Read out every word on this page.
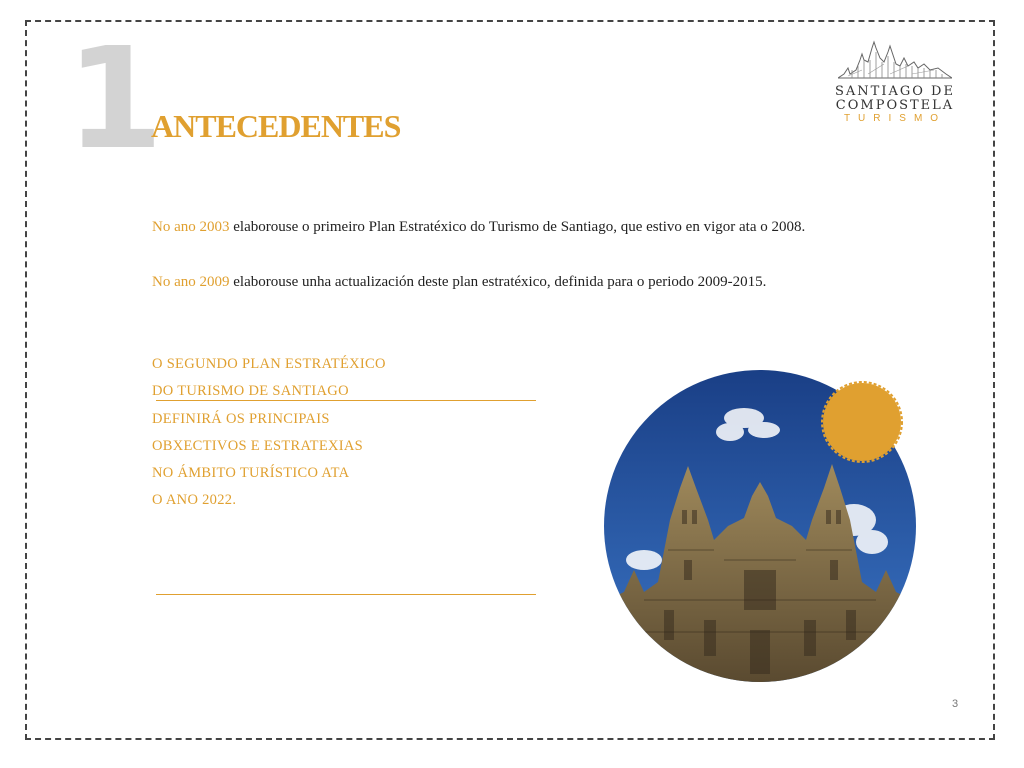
1
ANTECEDENTES
SANTIAGO DE
COMPOSTELA
TURISMO
No ano 2003 elaborouse o primeiro Plan Estratéxico do Turismo de Santiago, que estivo en vigor ata o 2008.
No ano 2009 elaborouse unha actualización deste plan estratéxico, definida para o periodo 2009-2015.
O SEGUNDO PLAN ESTRATÉXICO
DO TURISMO DE SANTIAGO
DEFINIRÁ OS PRINCIPAIS
OBXECTIVOS E ESTRATEXIAS
NO ÁMBITO TURÍSTICO ATA
O ANO 2022.
3
